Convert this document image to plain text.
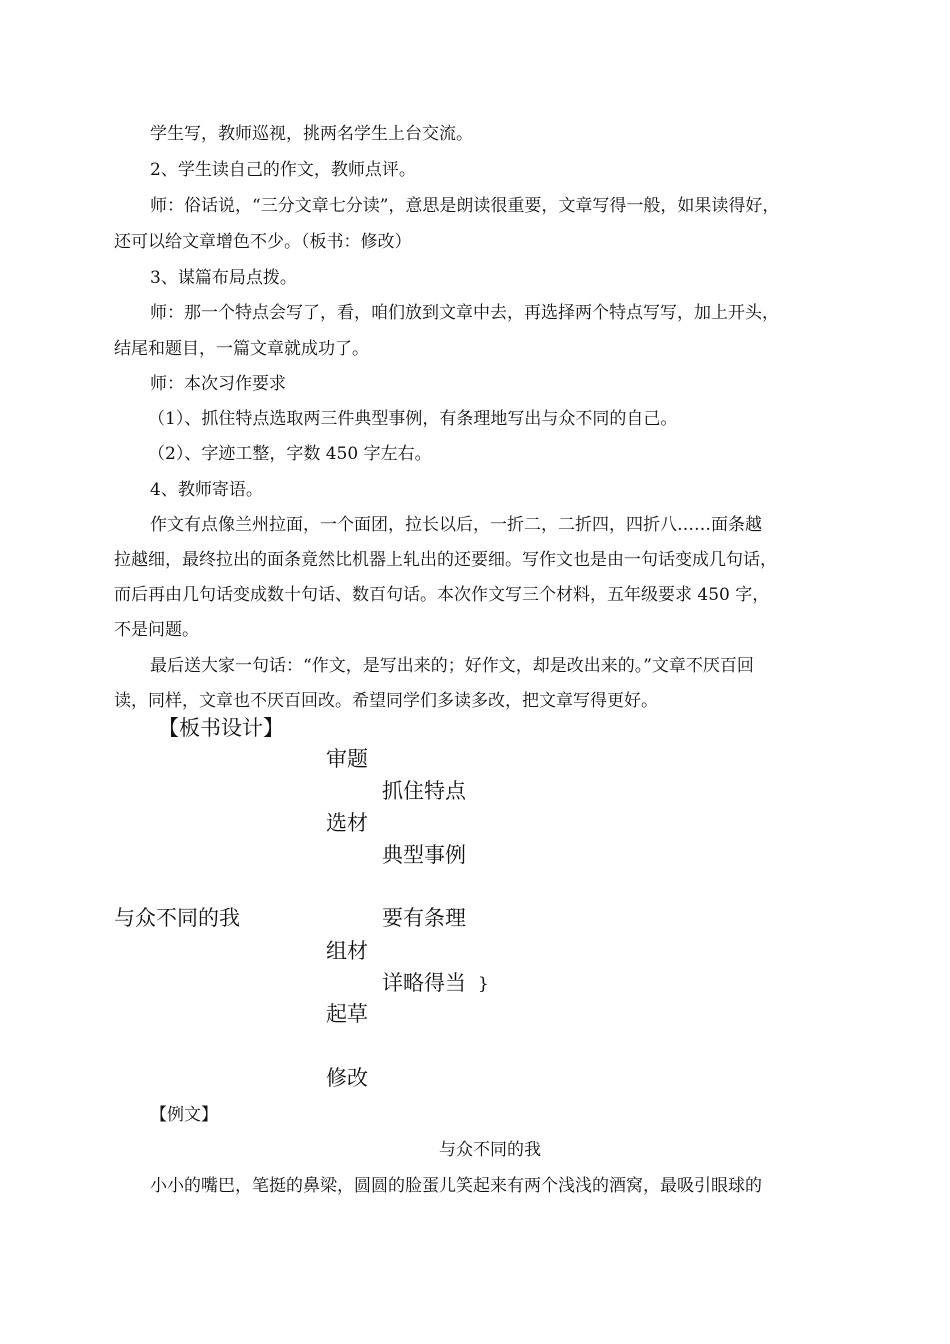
学生写，教师巡视，挑两名学生上台交流。
2、学生读自己的作文，教师点评。
师：俗话说，“三分文章七分读”，意思是朗读很重要，文章写得一般，如果读得好，
还可以给文章增色不少。（板书：修改）
3、谋篇布局点拨。
师：那一个特点会写了，看，咱们放到文章中去，再选择两个特点写写，加上开头，
结尾和题目，一篇文章就成功了。
师：本次习作要求
（1）、抓住特点选取两三件典型事例，有条理地写出与众不同的自己。
（2）、字迹工整，字数 450 字左右。
4、教师寄语。
作文有点像兰州拉面，一个面团，拉长以后，一折二，二折四，四折八……面条越
拉越细，最终拉出的面条竟然比机器上轧出的还要细。写作文也是由一句话变成几句话，
而后再由几句话变成数十句话、数百句话。本次作文写三个材料，五年级要求 450 字，
不是问题。
最后送大家一句话：“作文，是写出来的；好作文，却是改出来的。”文章不厌百回
读，同样，文章也不厌百回改。希望同学们多读多改，把文章写得更好。
【板书设计】
审题
抓住特点
选材
典型事例
与众不同的我	要有条理
组材
详略得当 }
起草
修改
【例文】
与众不同的我
小小的嘴巴，笔挺的鼻梁，圆圆的脸蛋儿笑起来有两个浅浅的酒窝，最吸引眼球的
